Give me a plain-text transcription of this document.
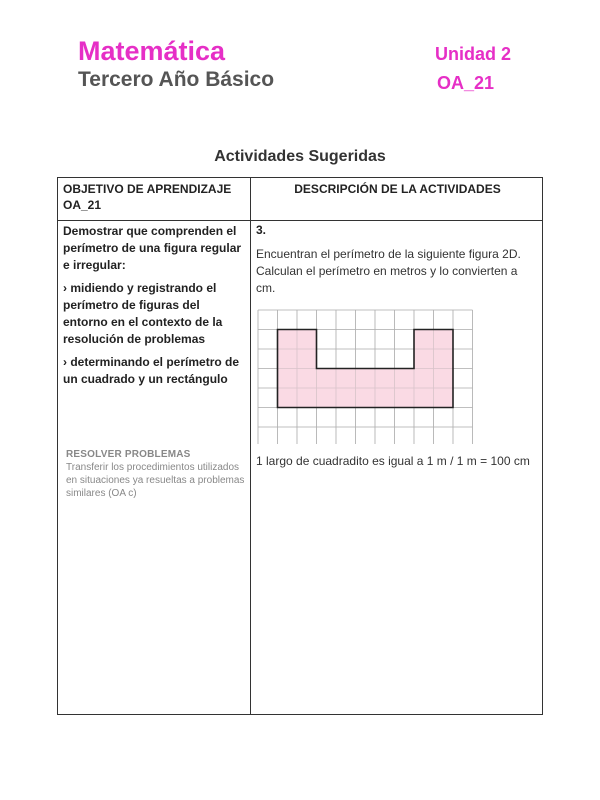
Matemática
Tercero Año Básico
Unidad 2
OA_21
Actividades Sugeridas
OBJETIVO DE APRENDIZAJE OA_21
DESCRIPCIÓN DE LA ACTIVIDADES

Demostrar que comprenden el perímetro de una figura regular e irregular:

› midiendo y registrando el perímetro de figuras del entorno en el contexto de la resolución de problemas

› determinando el perímetro de un cuadrado y un rectángulo

RESOLVER PROBLEMAS
Transferir los procedimientos utilizados en situaciones ya resueltas a problemas similares (OA c)
3.
Encuentran el perímetro de la siguiente figura 2D. Calculan el perímetro en metros y lo convierten a cm.
1 largo de cuadradito es igual a 1 m / 1 m = 100 cm
